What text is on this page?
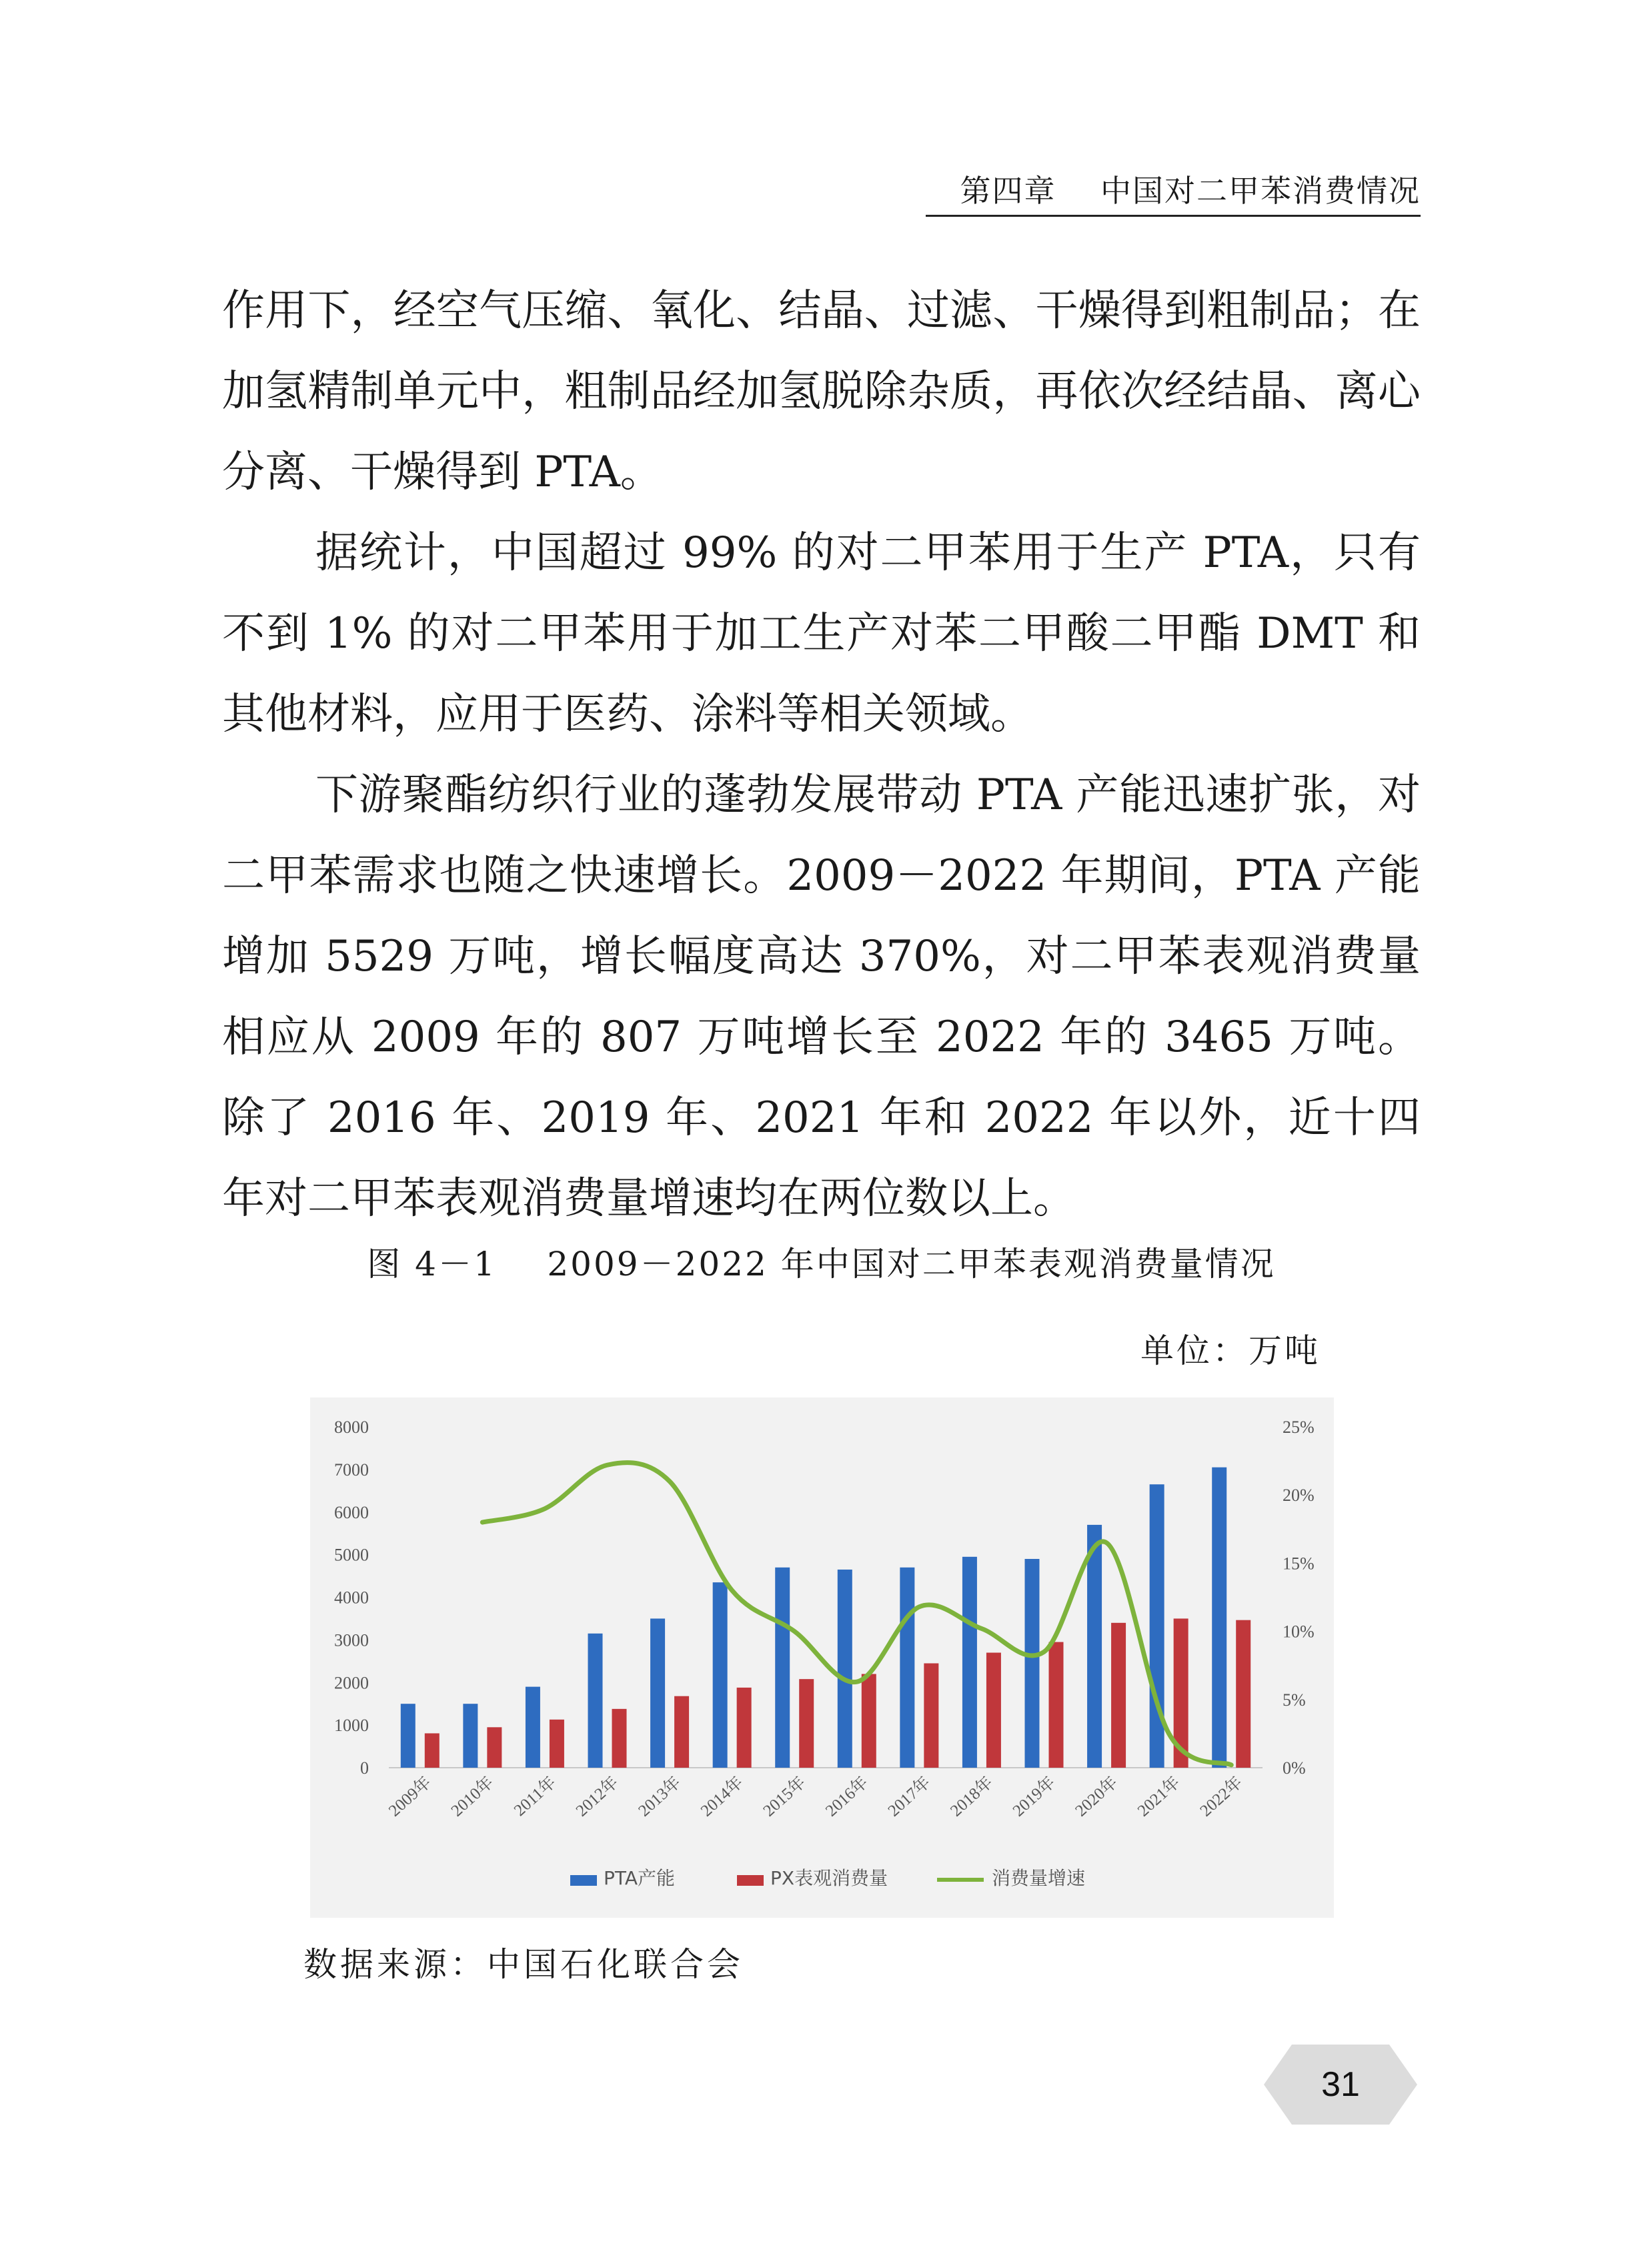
第四章 中国对二甲苯消费情况

作用下，经空气压缩、氧化、结晶、过滤、干燥得到粗制品；在加氢精制单元中，粗制品经加氢脱除杂质，再依次经结晶、离心分离、干燥得到 PTA。

据统计，中国超过 99% 的对二甲苯用于生产 PTA，只有不到 1% 的对二甲苯用于加工生产对苯二甲酸二甲酯 DMT 和其他材料，应用于医药、涂料等相关领域。

下游聚酯纺织行业的蓬勃发展带动 PTA 产能迅速扩张，对二甲苯需求也随之快速增长。2009－2022 年期间，PTA 产能增加 5529 万吨，增长幅度高达 370%，对二甲苯表观消费量相应从 2009 年的 807 万吨增长至 2022 年的 3465 万吨。除了 2016 年、2019 年、2021 年和 2022 年以外，近十四年对二甲苯表观消费量增速均在两位数以上。

图 4－1 2009－2022 年中国对二甲苯表观消费量情况
单位：万吨
0
1000
2000
3000
4000
5000
6000
7000
8000
0%
5%
10%
15%
20%
25%
2009年 2010年 2011年 2012年 2013年 2014年 2015年 2016年 2017年 2018年 2019年 2020年 2021年 2022年
PTA产能	PX表观消费量	消费量增速
数据来源：中国石化联合会
31
